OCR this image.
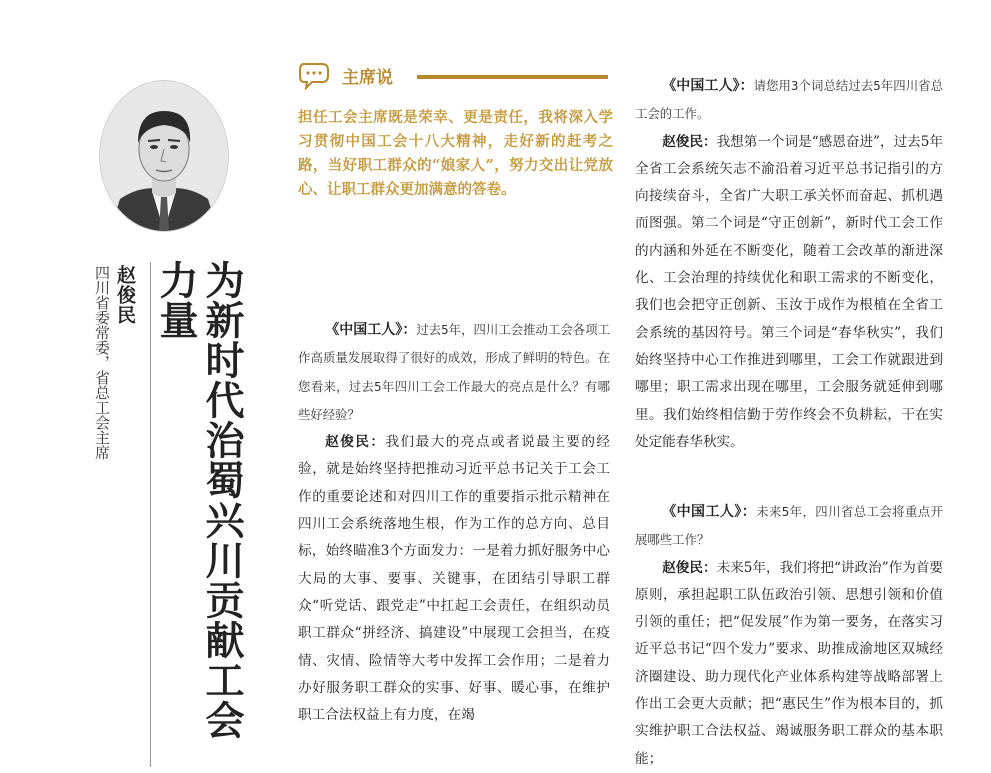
赵俊民
四川省委常委，省总工会主席	为新时代治蜀兴川贡献工会力量
主席说
担任工会主席既是荣幸、更是责任，我将深入学习贯彻中国工会十八大精神，走好新的赶考之路，当好职工群众的“娘家人”，努力交出让党放心、让职工群众更加满意的答卷。

《中国工人》：过去5年，四川工会推动工会各项工作高质量发展取得了很好的成效，形成了鲜明的特色。在您看来，过去5年四川工会工作最大的亮点是什么？有哪些好经验？

赵俊民：我们最大的亮点或者说最主要的经验，就是始终坚持把推动习近平总书记关于工会工作的重要论述和对四川工作的重要指示批示精神在四川工会系统落地生根，作为工作的总方向、总目标，始终瞄准3个方面发力：一是着力抓好服务中心大局的大事、要事、关键事，在团结引导职工群众“听党话、跟党走”中扛起工会责任，在组织动员职工群众“拼经济、搞建设”中展现工会担当，在疫情、灾情、险情等大考中发挥工会作用；二是着力办好服务职工群众的实事、好事、暖心事，在维护职工合法权益上有力度，在竭

《中国工人》：请您用3个词总结过去5年四川省总工会的工作。

赵俊民：我想第一个词是“感恩奋进”，过去5年全省工会系统矢志不渝沿着习近平总书记指引的方向接续奋斗，全省广大职工承关怀而奋起、抓机遇而图强。第二个词是“守正创新”，新时代工会工作的内涵和外延在不断变化，随着工会改革的渐进深化、工会治理的持续优化和职工需求的不断变化，我们也会把守正创新、玉汝于成作为根植在全省工会系统的基因符号。第三个词是“春华秋实”，我们始终坚持中心工作推进到哪里，工会工作就跟进到哪里；职工需求出现在哪里，工会服务就延伸到哪里。我们始终相信勤于劳作终会不负耕耘，干在实处定能春华秋实。

《中国工人》：未来5年，四川省总工会将重点开展哪些工作？

赵俊民：未来5年，我们将把“讲政治”作为首要原则，承担起职工队伍政治引领、思想引领和价值引领的重任；把“促发展”作为第一要务，在落实习近平总书记“四个发力”要求、助推成渝地区双城经济圈建设、助力现代化产业体系构建等战略部署上作出工会更大贡献；把“惠民生”作为根本目的，抓实维护职工合法权益、竭诚服务职工群众的基本职能；
